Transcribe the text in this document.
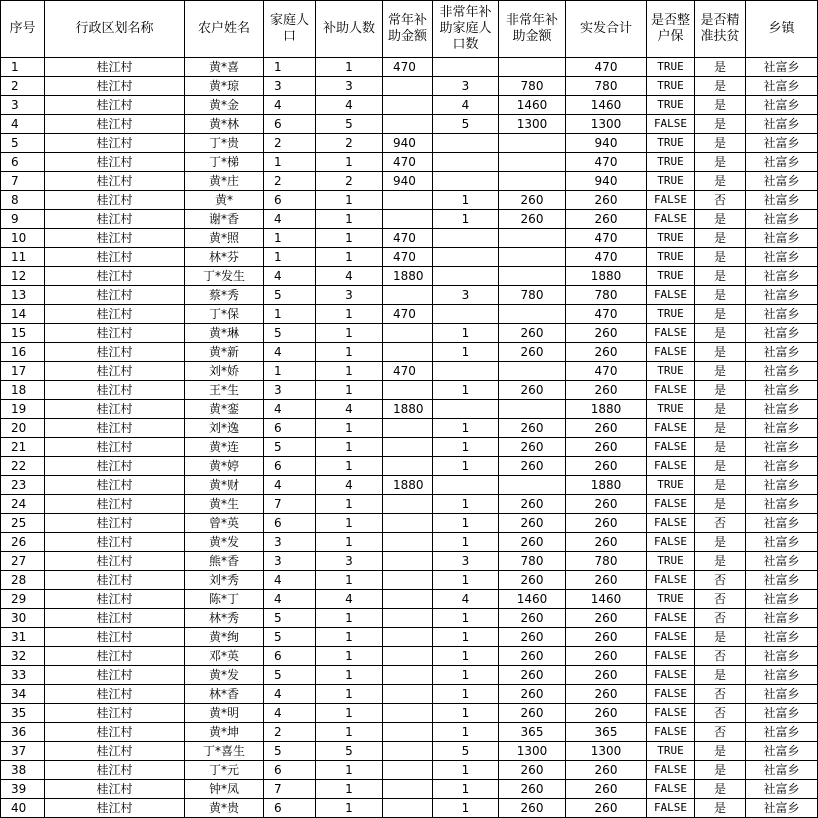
序号	行政区划名称	农户姓名	家庭人口	补助人数	常年补助金额	非常年补助家庭人口数	非常年补助金额	实发合计	是否整户保	是否精准扶贫	乡镇
1	桂江村	黄*喜	1	1	470			470	TRUE	是	社富乡
2	桂江村	黄*琼	3	3		3	780	780	TRUE	是	社富乡
3	桂江村	黄*金	4	4		4	1460	1460	TRUE	是	社富乡
4	桂江村	黄*林	6	5		5	1300	1300	FALSE	是	社富乡
5	桂江村	丁*贵	2	2	940			940	TRUE	是	社富乡
6	桂江村	丁*梯	1	1	470			470	TRUE	是	社富乡
7	桂江村	黄*庄	2	2	940			940	TRUE	是	社富乡
8	桂江村	黄*	6	1		1	260	260	FALSE	否	社富乡
9	桂江村	谢*香	4	1		1	260	260	FALSE	是	社富乡
10	桂江村	黄*照	1	1	470			470	TRUE	是	社富乡
11	桂江村	林*芬	1	1	470			470	TRUE	是	社富乡
12	桂江村	丁*发生	4	4	1880			1880	TRUE	是	社富乡
13	桂江村	蔡*秀	5	3		3	780	780	FALSE	是	社富乡
14	桂江村	丁*保	1	1	470			470	TRUE	是	社富乡
15	桂江村	黄*琳	5	1		1	260	260	FALSE	是	社富乡
16	桂江村	黄*新	4	1		1	260	260	FALSE	是	社富乡
17	桂江村	刘*娇	1	1	470			470	TRUE	是	社富乡
18	桂江村	王*生	3	1		1	260	260	FALSE	是	社富乡
19	桂江村	黄*銮	4	4	1880			1880	TRUE	是	社富乡
20	桂江村	刘*逸	6	1		1	260	260	FALSE	是	社富乡
21	桂江村	黄*连	5	1		1	260	260	FALSE	是	社富乡
22	桂江村	黄*婷	6	1		1	260	260	FALSE	是	社富乡
23	桂江村	黄*财	4	4	1880			1880	TRUE	是	社富乡
24	桂江村	黄*生	7	1		1	260	260	FALSE	是	社富乡
25	桂江村	曾*英	6	1		1	260	260	FALSE	否	社富乡
26	桂江村	黄*发	3	1		1	260	260	FALSE	是	社富乡
27	桂江村	熊*香	3	3		3	780	780	TRUE	是	社富乡
28	桂江村	刘*秀	4	1		1	260	260	FALSE	否	社富乡
29	桂江村	陈*丁	4	4		4	1460	1460	TRUE	否	社富乡
30	桂江村	林*秀	5	1		1	260	260	FALSE	否	社富乡
31	桂江村	黄*绚	5	1		1	260	260	FALSE	是	社富乡
32	桂江村	邓*英	6	1		1	260	260	FALSE	否	社富乡
33	桂江村	黄*发	5	1		1	260	260	FALSE	是	社富乡
34	桂江村	林*香	4	1		1	260	260	FALSE	否	社富乡
35	桂江村	黄*明	4	1		1	260	260	FALSE	否	社富乡
36	桂江村	黄*坤	2	1		1	365	365	FALSE	否	社富乡
37	桂江村	丁*喜生	5	5		5	1300	1300	TRUE	是	社富乡
38	桂江村	丁*元	6	1		1	260	260	FALSE	是	社富乡
39	桂江村	钟*凤	7	1		1	260	260	FALSE	是	社富乡
40	桂江村	黄*贵	6	1		1	260	260	FALSE	是	社富乡
